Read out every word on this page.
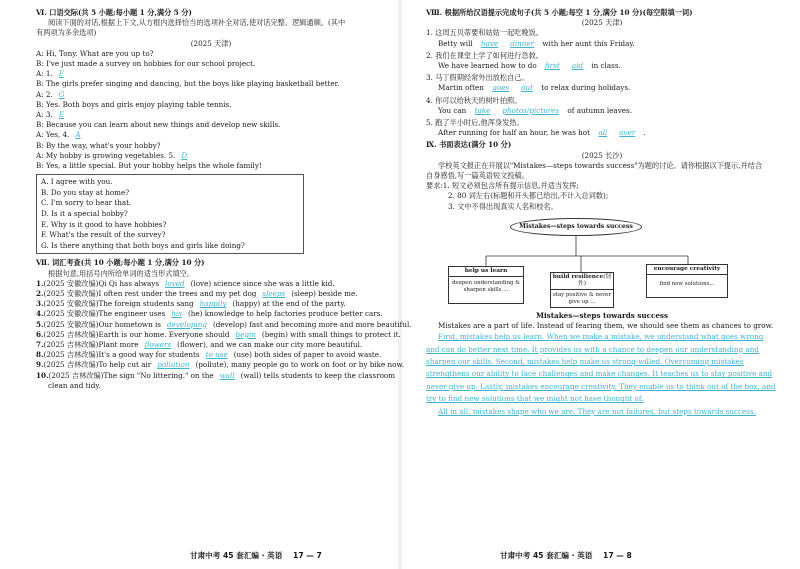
Ⅵ. 口语交际(共 5 小题;每小题 1 分,满分 5 分)
阅读下面的对话,根据上下文,从方框内选择恰当的选项补全对话,使对话完整、逻辑通顺。(其中
有两项为多余选项)
(2025 天津)
A: Hi, Tony. What are you up to?
B: I've just made a survey on hobbies for our school project.
A: 1. F
B: The girls prefer singing and dancing, but the boys like playing basketball better.
A: 2. G
B: Yes. Both boys and girls enjoy playing table tennis.
A: 3. E
B: Because you can learn about new things and develop new skills.
A: Yes, 4. A
B: By the way, what's your hobby?
A: My hobby is growing vegetables. 5. D
B: Yes, a little special. But your hobby helps the whole family!
A. I agree with you.
B. Do you stay at home?
C. I'm sorry to hear that.
D. Is it a special hobby?
E. Why is it good to have hobbies?
F. What's the result of the survey?
G. Is there anything that both boys and girls like doing?
Ⅶ. 词汇考查(共 10 小题;每小题 1 分,满分 10 分)
根据句意,用括号内所给单词的适当形式填空。
1.(2025 安徽改编)Qi Qi has always loved (love) science since she was a little kid.
2.(2025 安徽改编)I often rest under the trees and my pet dog sleeps (sleep) beside me.
3.(2025 安徽改编)The foreign students sang happily (happy) at the end of the party.
4.(2025 安徽改编)The engineer uses his (he) knowledge to help factories produce better cars.
5.(2025 安徽改编)Our hometown is developing (develop) fast and becoming more and more beautiful.
6.(2025 吉林改编)Earth is our home. Everyone should begin (begin) with small things to protect it.
7.(2025 吉林改编)Plant more flowers (flower), and we can make our city more beautiful.
8.(2025 吉林改编)It's a good way for students to use (use) both sides of paper to avoid waste.
9.(2025 吉林改编)To help cut air pollution (pollute), many people go to work on foot or by bike now.
10.(2025 吉林改编)The sign "No littering." on the wall (wall) tells students to keep the classroom
clean and tidy.
甘肃中考 45 套汇编 · 英语 17 — 7
Ⅷ. 根据所给汉语提示完成句子(共 5 小题;每空 1 分,满分 10 分)(每空限填一词)
(2025 天津)
1. 这周五贝蒂要和姑姑一起吃晚饭。
Betty will have dinner with her aunt this Friday.
2. 我们在课堂上学了如何进行急救。
We have learned how to do first aid in class.
3. 马丁假期经常外出放松自己。
Martin often goes out to relax during holidays.
4. 你可以给秋天的树叶拍照。
You can take photos/pictures of autumn leaves.
5. 跑了半小时后,他浑身发热。
After running for half an hour, he was hot all over .
Ⅸ. 书面表达(满分 10 分)
(2025 长沙)
学校英文报正在开展以"Mistakes—steps towards success"为题的讨论。请你根据以下提示,并结合
自身感悟,写一篇英语短文投稿。
要求:1. 短文必须包含所有提示信息,并适当发挥;
2. 80 词左右(标题和开头都已给出,不计入总词数);
3. 文中不得出现真实人名和校名。
Mistakes—steps towards success
help us learn
deepen understanding & sharpen skills ...
build resilience(韧性)
stay positive & never give up ...
encourage creativity
find new solutions...
Mistakes—steps towards success
Mistakes are a part of life. Instead of fearing them, we should see them as chances to grow.

First, mistakes help us learn. When we make a mistake, we understand what goes wrong and can do better next time. It provides us with a chance to deepen our understanding and sharpen our skills. Second, mistakes help make us strong-willed. Overcoming mistakes strengthens our ability to face challenges and make changes. It teaches us to stay positive and never give up. Lastly, mistakes encourage creativity. They enable us to think out of the box, and try to find new solutions that we might not have thought of.

All in all, mistakes shape who we are. They are not failures, but steps towards success.

甘肃中考 45 套汇编 · 英语 17 — 8
